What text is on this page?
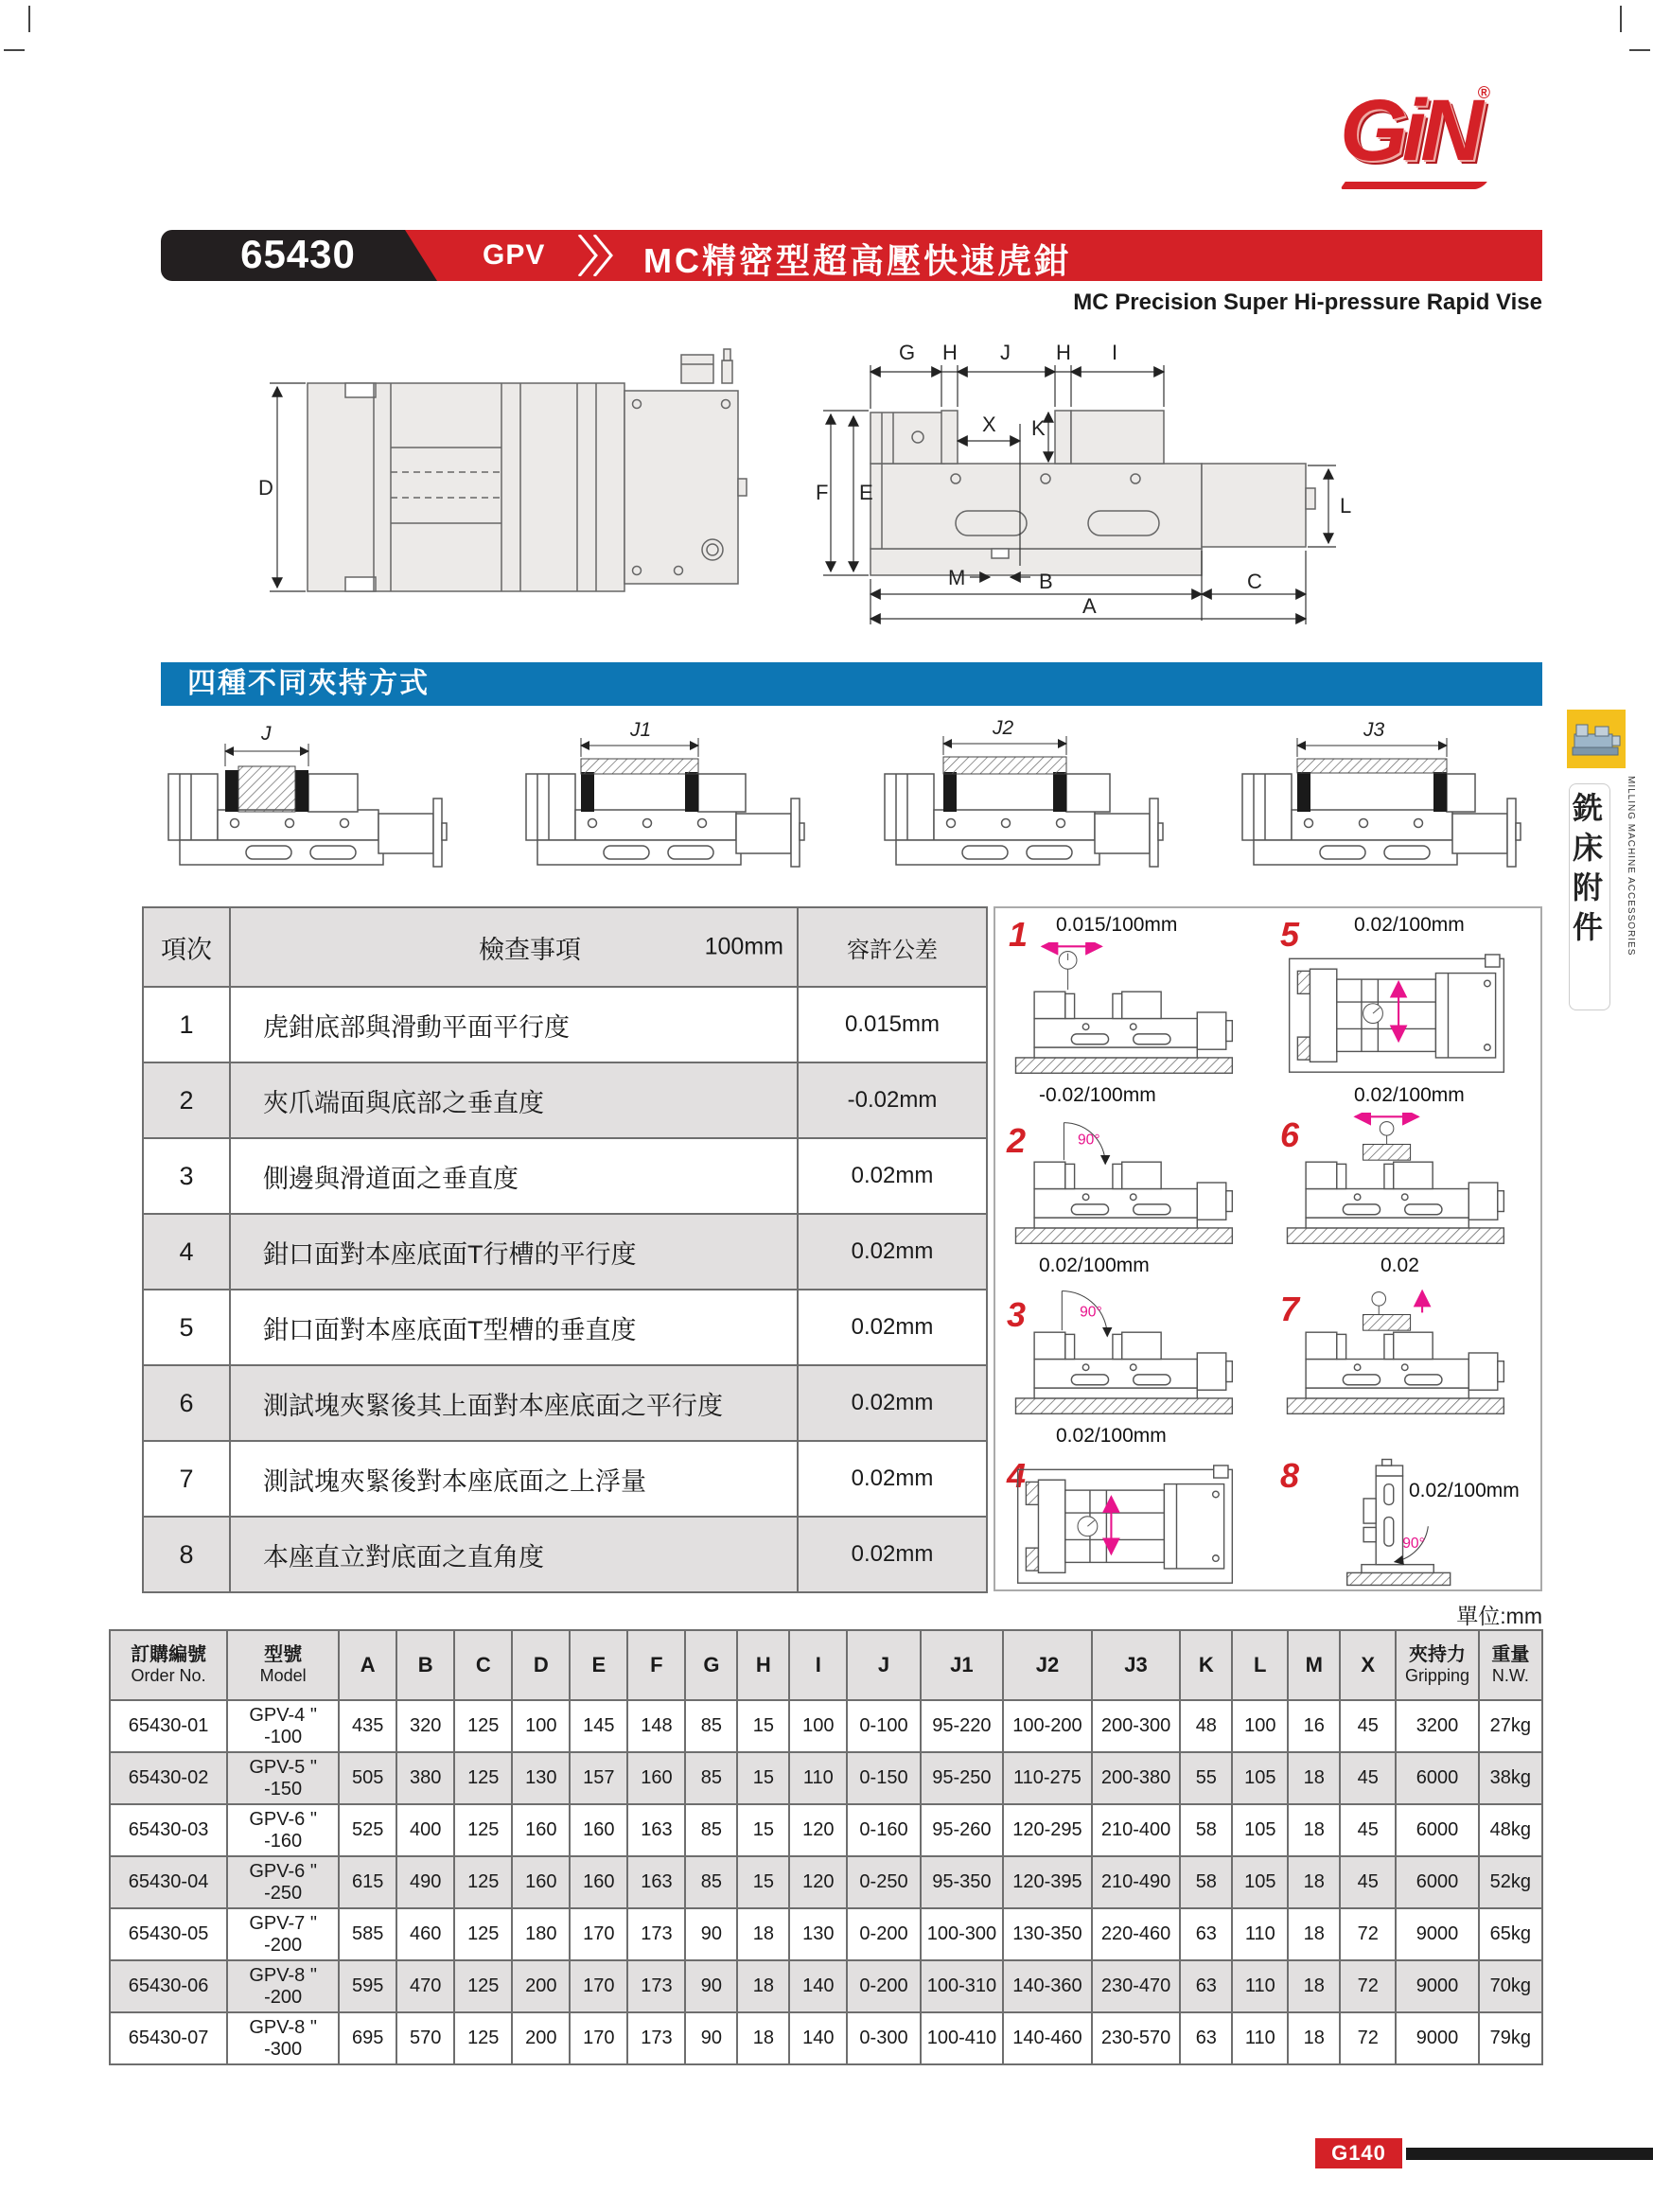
GiN®
65430	GPV	MC精密型超高壓快速虎鉗
MC Precision Super Hi-pressure Rapid Vise
D
G H J H I
F E
K
X
L
M	B	C
A
四種不同夾持方式
J	J1	J2	J3
項次	檢查事項 100mm	容許公差
1	虎鉗底部與滑動平面平行度	0.015mm
2	夾爪端面與底部之垂直度	-0.02mm
3	側邊與滑道面之垂直度	0.02mm
4	鉗口面對本座底面T行槽的平行度	0.02mm
5	鉗口面對本座底面T型槽的垂直度	0.02mm
6	測試塊夾緊後其上面對本座底面之平行度	0.02mm
7	測試塊夾緊後對本座底面之上浮量	0.02mm
8	本座直立對底面之直角度	0.02mm
1 0.015/100mm	5	0.02/100mm
2
-0.02/100mm
90°	6
0.02/100mm
3
0.02/100mm
90°	7
0.02
4
0.02/100mm
8	0.02/100mm
90°
單位:mm
訂購編號
Order No.	型號
Model	A	B	C	D	E	F	G	H	I	J	J1	J2	J3	K	L	M	X	夾持力
Gripping	重量
N.W.

65430-01	GPV-4 " -100	435	320	125	100	145	148	85	15	100	0-100	95-220	100-200	200-300	48	100	16	45	3200	27kg
65430-02	GPV-5 " -150	505	380	125	130	157	160	85	15	110	0-150	95-250	110-275	200-380	55	105	18	45	6000	38kg
65430-03	GPV-6 " -160	525	400	125	160	160	163	85	15	120	0-160	95-260	120-295	210-400	58	105	18	45	6000	48kg
65430-04	GPV-6 " -250	615	490	125	160	160	163	85	15	120	0-250	95-350	120-395	210-490	58	105	18	45	6000	52kg
65430-05	GPV-7 " -200	585	460	125	180	170	173	90	18	130	0-200	100-300	130-350	220-460	63	110	18	72	9000	65kg
65430-06	GPV-8 " -200	595	470	125	200	170	173	90	18	140	0-200	100-310	140-360	230-470	63	110	18	72	9000	70kg
65430-07	GPV-8 " -300	695	570	125	200	170	173	90	18	140	0-300	100-410	140-460	230-570	63	110	18	72	9000	79kg
MILLING MACHINE ACCESSORIES
銑床附件
G140
